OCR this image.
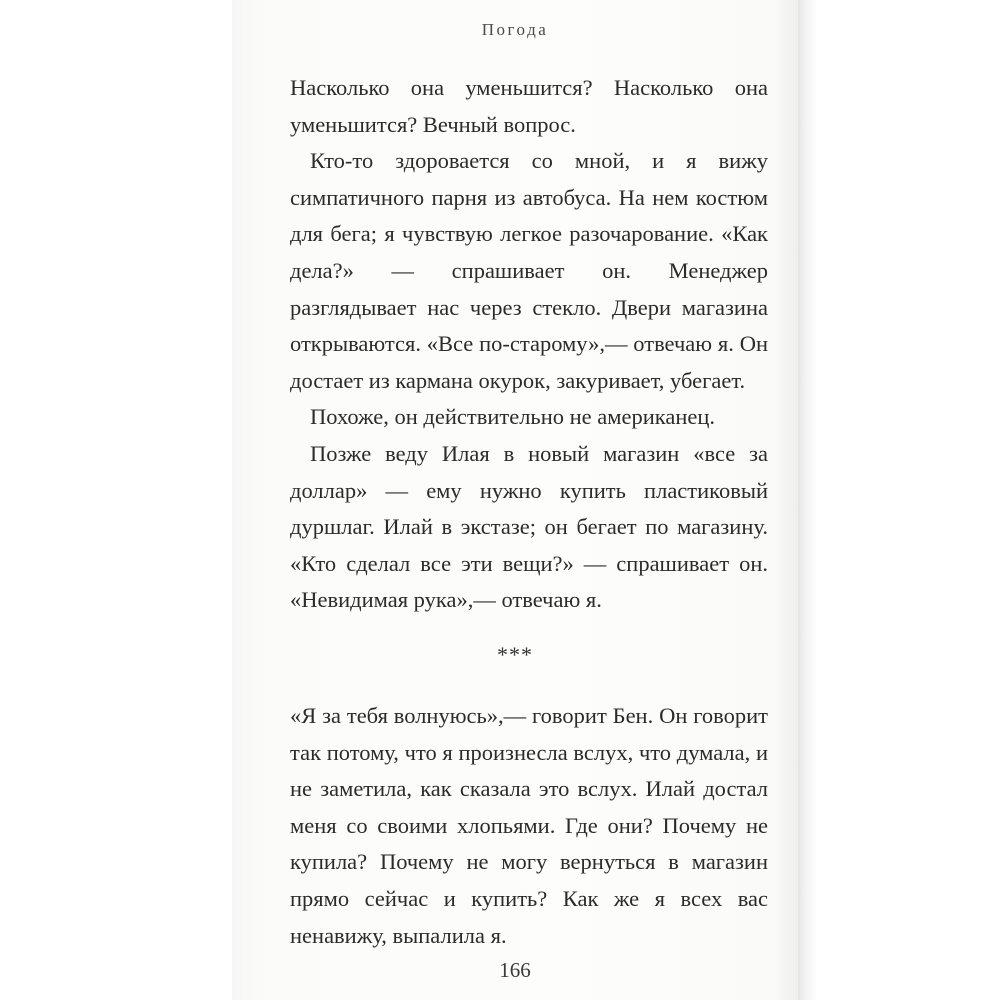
Погода

Насколько она уменьшится? Насколько она уменьшится? Вечный вопрос.

Кто-то здоровается со мной, и я вижу симпатичного парня из автобуса. На нем костюм для бега; я чувствую легкое разочарование. «Как дела?» — спрашивает он. Менеджер разглядывает нас через стекло. Двери магазина открываются. «Все по-старому»,— отвечаю я. Он достает из кармана окурок, закуривает, убегает.

Похоже, он действительно не американец.

Позже веду Илая в новый магазин «все за доллар» — ему нужно купить пластиковый дуршлаг. Илай в экстазе; он бегает по магазину. «Кто сделал все эти вещи?» — спрашивает он. «Невидимая рука»,— отвечаю я.

***

«Я за тебя волнуюсь»,— говорит Бен. Он говорит так потому, что я произнесла вслух, что думала, и не заметила, как сказала это вслух. Илай достал меня со своими хлопьями. Где они? Почему не купила? Почему не могу вернуться в магазин прямо сейчас и купить? Как же я всех вас ненавижу, выпалила я.

166
